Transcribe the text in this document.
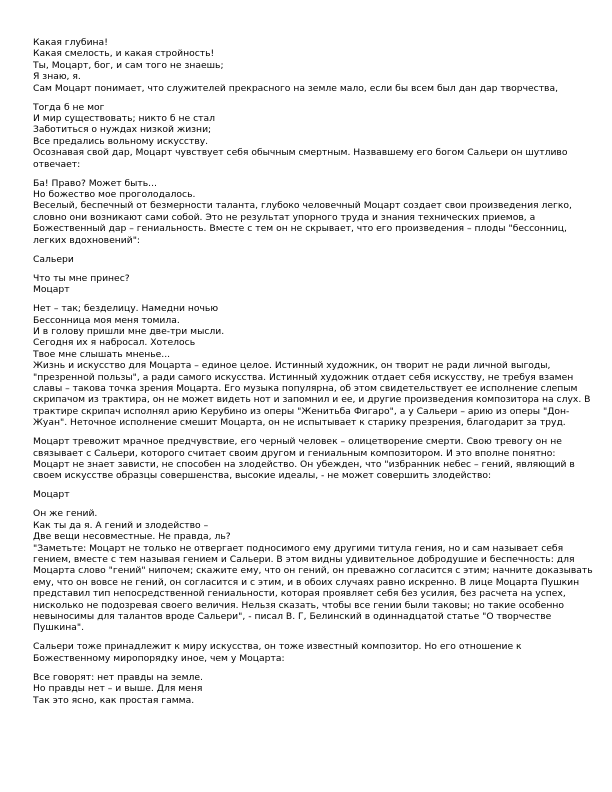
Какая глубина!
Какая смелость, и какая стройность!
Ты, Моцарт, бог, и сам того не знаешь;
Я знаю, я.
Сам Моцарт понимает, что служителей прекрасного на земле мало, если бы всем был дан дар творчества,
Тогда б не мог
И мир существовать; никто б не стал
Заботиться о нуждах низкой жизни;
Все предались вольному искусству.
Осознавая свой дар, Моцарт чувствует себя обычным смертным. Назвавшему его богом Сальери он шутливо
отвечает:
Ба! Право? Может быть...
Но божество мое проголодалось.
Веселый, беспечный от безмерности таланта, глубоко человечный Моцарт создает свои произведения легко,
словно они возникают сами собой. Это не результат упорного труда и знания технических приемов, а
Божественный дар – гениальность. Вместе с тем он не скрывает, что его произведения – плоды "бессонниц,
легких вдохновений":
Сальери
Что ты мне принес?
Моцарт
Нет – так; безделицу. Намедни ночью
Бессонница моя меня томила.
И в голову пришли мне две-три мысли.
Сегодня их я набросал. Хотелось
Твое мне слышать мненье...
Жизнь и искусство для Моцарта – единое целое. Истинный художник, он творит не ради личной выгоды,
"презренной пользы", а ради самого искусства. Истинный художник отдает себя искусству, не требуя взамен
славы – такова точка зрения Моцарта. Его музыка популярна, об этом свидетельствует ее исполнение слепым
скрипачом из трактира, он не может видеть нот и запомнил и ее, и другие произведения композитора на слух. В
трактире скрипач исполнял арию Керубино из оперы "Женитьба Фигаро", а у Сальери – арию из оперы "Дон-
Жуан". Неточное исполнение смешит Моцарта, он не испытывает к старику презрения, благодарит за труд.
Моцарт тревожит мрачное предчувствие, его черный человек – олицетворение смерти. Свою тревогу он не
связывает с Сальери, которого считает своим другом и гениальным композитором. И это вполне понятно:
Моцарт не знает зависти, не способен на злодейство. Он убежден, что "избранник небес – гений, являющий в
своем искусстве образцы совершенства, высокие идеалы, - не может совершить злодейство:
Моцарт
Он же гений.
Как ты да я. А гений и злодейство –
Две вещи несовместные. Не правда, ль?
"Заметьте: Моцарт не только не отвергает подносимого ему другими титула гения, но и сам называет себя
гением, вместе с тем называя гением и Сальери. В этом видны удивительное добродушие и беспечность: для
Моцарта слово "гений" нипочем; скажите ему, что он гений, он преважно согласится с этим; начните доказывать
ему, что он вовсе не гений, он согласится и с этим, и в обоих случаях равно искренно. В лице Моцарта Пушкин
представил тип непосредственной гениальности, которая проявляет себя без усилия, без расчета на успех,
нисколько не подозревая своего величия. Нельзя сказать, чтобы все гении были таковы; но такие особенно
невыносимы для талантов вроде Сальери", - писал В. Г, Белинский в одиннадцатой статье "О творчестве
Пушкина".
Сальери тоже принадлежит к миру искусства, он тоже известный композитор. Но его отношение к
Божественному миропорядку иное, чем у Моцарта:
Все говорят: нет правды на земле.
Но правды нет – и выше. Для меня
Так это ясно, как простая гамма.
